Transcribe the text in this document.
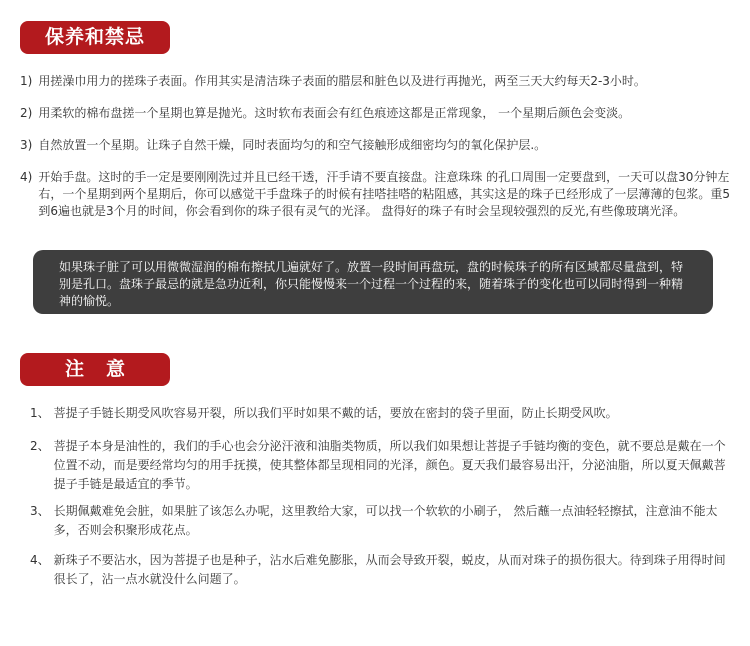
保养和禁忌
1) 用搓澡巾用力的搓珠子表面。作用其实是清洁珠子表面的腊层和脏色以及进行再抛光，两至三天大约每天2-3小时。
2) 用柔软的棉布盘搓一个星期也算是抛光。这时软布表面会有红色痕迹这都是正常现象， 一个星期后颜色会变淡。
3) 自然放置一个星期。让珠子自然干燥，同时表面均匀的和空气接触形成细密均匀的氧化保护层.。
4) 开始手盘。这时的手一定是要刚刚洗过并且已经干透，汗手请不要直接盘。注意珠珠 的孔口周围一定要盘到，一天可以盘30分钟左右，一个星期到两个星期后，你可以感觉干手盘珠子的时候有挂嗒挂嗒的粘阻感，其实这是的珠子已经形成了一层薄薄的包浆。重5到6遍也就是3个月的时间，你会看到你的珠子很有灵气的光泽。 盘得好的珠子有时会呈现较强烈的反光,有些像玻璃光泽。
如果珠子脏了可以用微微湿润的棉布擦拭几遍就好了。放置一段时间再盘玩，盘的时候珠子的所有区域都尽量盘到，特别是孔口。盘珠子最忌的就是急功近利，你只能慢慢来一个过程一个过程的来，随着珠子的变化也可以同时得到一种精神的愉悦。
注意
1、 菩提子手链长期受风吹容易开裂，所以我们平时如果不戴的话，要放在密封的袋子里面，防止长期受风吹。
2、 菩提子本身是油性的，我们的手心也会分泌汗液和油脂类物质，所以我们如果想让菩提子手链均衡的变色，就不要总是戴在一个位置不动，而是要经常均匀的用手抚摸，使其整体都呈现相同的光泽，颜色。夏天我们最容易出汗，分泌油脂，所以夏天佩戴菩提子手链是最适宜的季节。
3、 长期佩戴难免会脏，如果脏了该怎么办呢，这里教给大家，可以找一个软软的小刷子， 然后蘸一点油轻轻擦拭，注意油不能太多，否则会积聚形成花点。
4、 新珠子不要沾水，因为菩提子也是种子，沾水后难免膨胀，从而会导致开裂，蜕皮，从而对珠子的损伤很大。待到珠子用得时间很长了，沾一点水就没什么问题了。
